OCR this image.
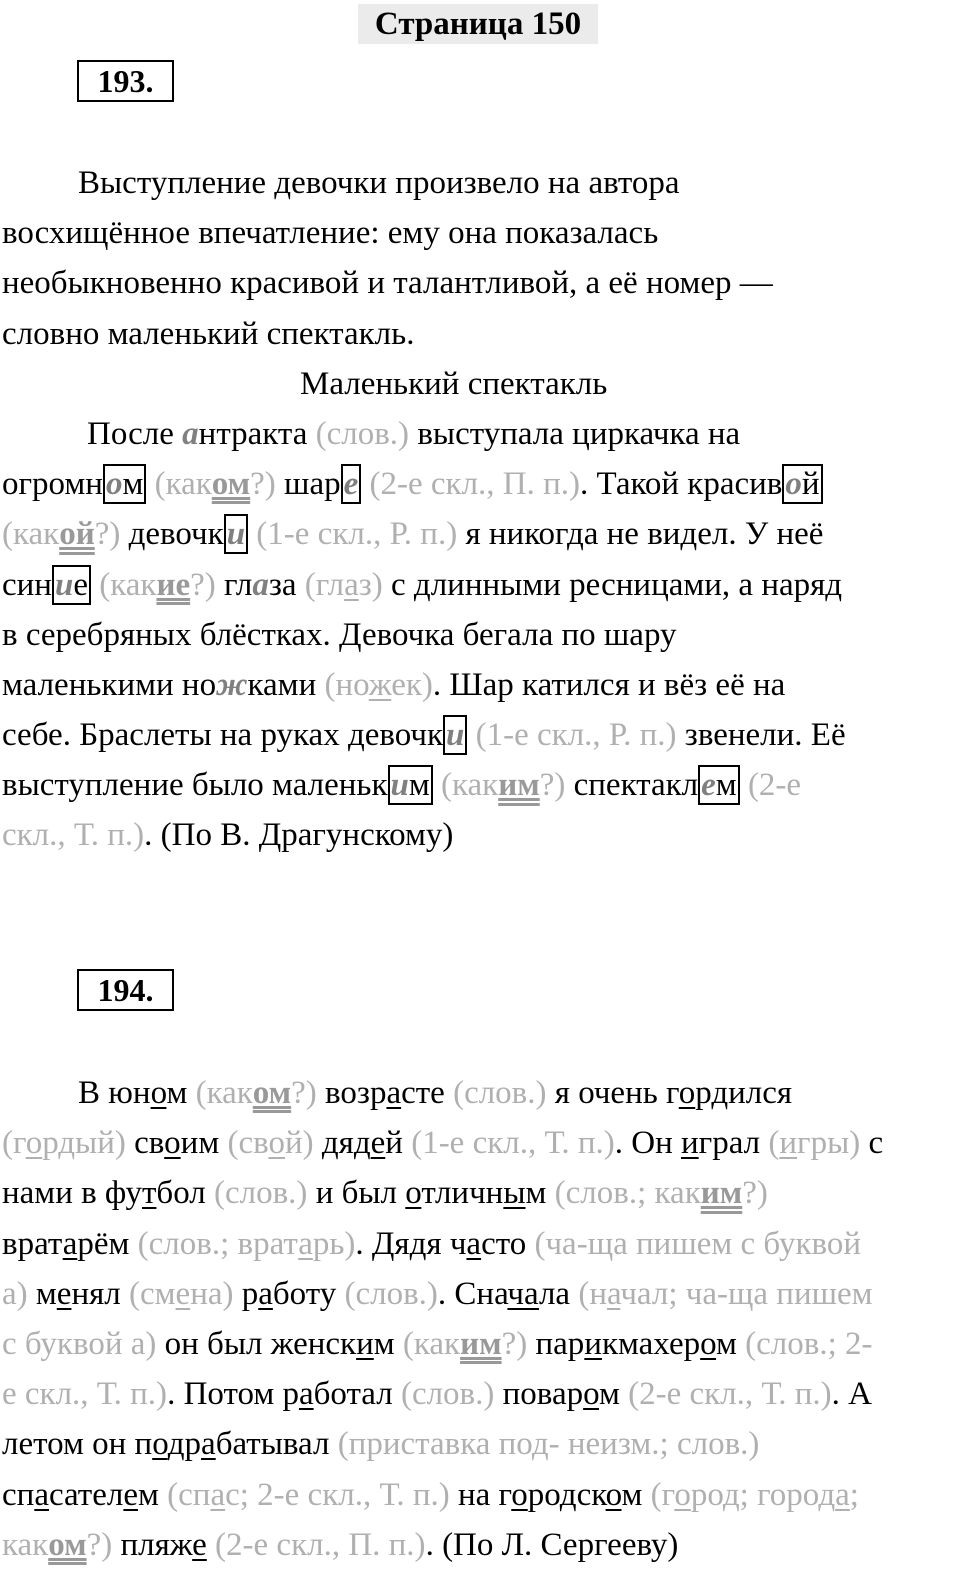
Страница 150
193.
Выступление девочки произвело на автора
восхищённое впечатление: ему она показалась
необыкновенно красивой и талантливой, а её номер —
словно маленький спектакль.
Маленький спектакль
После антракта (слов.) выступала циркачка на
огромном (каком?) шаре (2-е скл., П. п.). Такой красивой
(какой?) девочки (1-е скл., Р. п.) я никогда не видел. У неё
синие (какие?) глаза (глаз) с длинными ресницами, а наряд
в серебряных блёстках. Девочка бегала по шару
маленькими ножками (ножек). Шар катился и вёз её на
себе. Браслеты на руках девочки (1-е скл., Р. п.) звенели. Её
выступление было маленьким (каким?) спектаклем (2-е
скл., Т. п.). (По В. Драгунскому)
194.
В юном (каком?) возрасте (слов.) я очень гордился
(гордый) своим (свой) дядей (1-е скл., Т. п.). Он играл (игры) с
нами в футбол (слов.) и был отличным (слов.; каким?)
вратарём (слов.; вратарь). Дядя часто (ча-ща пишем с буквой
а) менял (смена) работу (слов.). Сначала (начал; ча-ща пишем
с буквой а) он был женским (каким?) парикмахером (слов.; 2-
е скл., Т. п.). Потом работал (слов.) поваром (2-е скл., Т. п.). А
летом он подрабатывал (приставка под- неизм.; слов.)
спасателем (спас; 2-е скл., Т. п.) на городском (город; города;
каком?) пляже (2-е скл., П. п.). (По Л. Сергееву)
